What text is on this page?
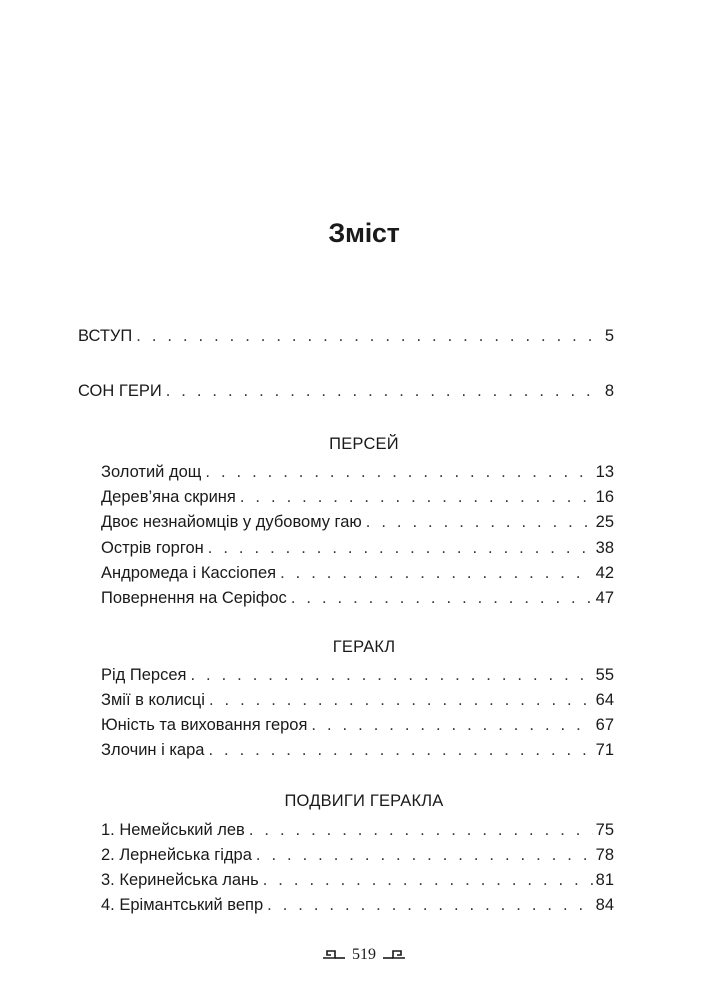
Зміст
ВСТУП . . .	5
СОН ГЕРИ . . .	8
ПЕРСЕЙ
Золотий дощ . . .	13
Дерев’яна скриня . . .	16
Двоє незнайомців у дубовому гаю . . .	25
Острів горгон . . .	38
Андромеда і Кассіопея . . .	42
Повернення на Серіфос . . .	47
ГЕРАКЛ
Рід Персея . . .	55
Змії в колисці . . .	64
Юність та виховання героя . . .	67
Злочин і кара . . .	71
ПОДВИГИ ГЕРАКЛА
1. Немейський лев . . .	75
2. Лернейська гідра . . .	78
3. Керинейська лань . . .	81
4. Ерімантський вепр . . .	84
519
